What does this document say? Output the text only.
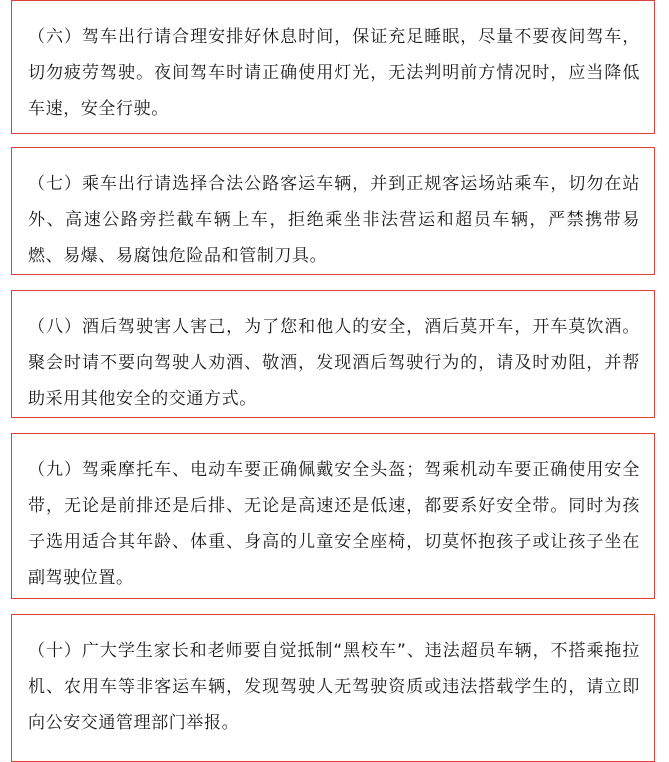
（六）驾车出行请合理安排好休息时间，保证充足睡眠，尽量不要夜间驾车，切勿疲劳驾驶。夜间驾车时请正确使用灯光，无法判明前方情况时，应当降低车速，安全行驶。

（七）乘车出行请选择合法公路客运车辆，并到正规客运场站乘车，切勿在站外、高速公路旁拦截车辆上车，拒绝乘坐非法营运和超员车辆，严禁携带易燃、易爆、易腐蚀危险品和管制刀具。

（八）酒后驾驶害人害己，为了您和他人的安全，酒后莫开车，开车莫饮酒。聚会时请不要向驾驶人劝酒、敬酒，发现酒后驾驶行为的，请及时劝阻，并帮助采用其他安全的交通方式。

（九）驾乘摩托车、电动车要正确佩戴安全头盔；驾乘机动车要正确使用安全带，无论是前排还是后排、无论是高速还是低速，都要系好安全带。同时为孩子选用适合其年龄、体重、身高的儿童安全座椅，切莫怀抱孩子或让孩子坐在副驾驶位置。

（十）广大学生家长和老师要自觉抵制“黑校车”、违法超员车辆，不搭乘拖拉机、农用车等非客运车辆，发现驾驶人无驾驶资质或违法搭载学生的，请立即向公安交通管理部门举报。
